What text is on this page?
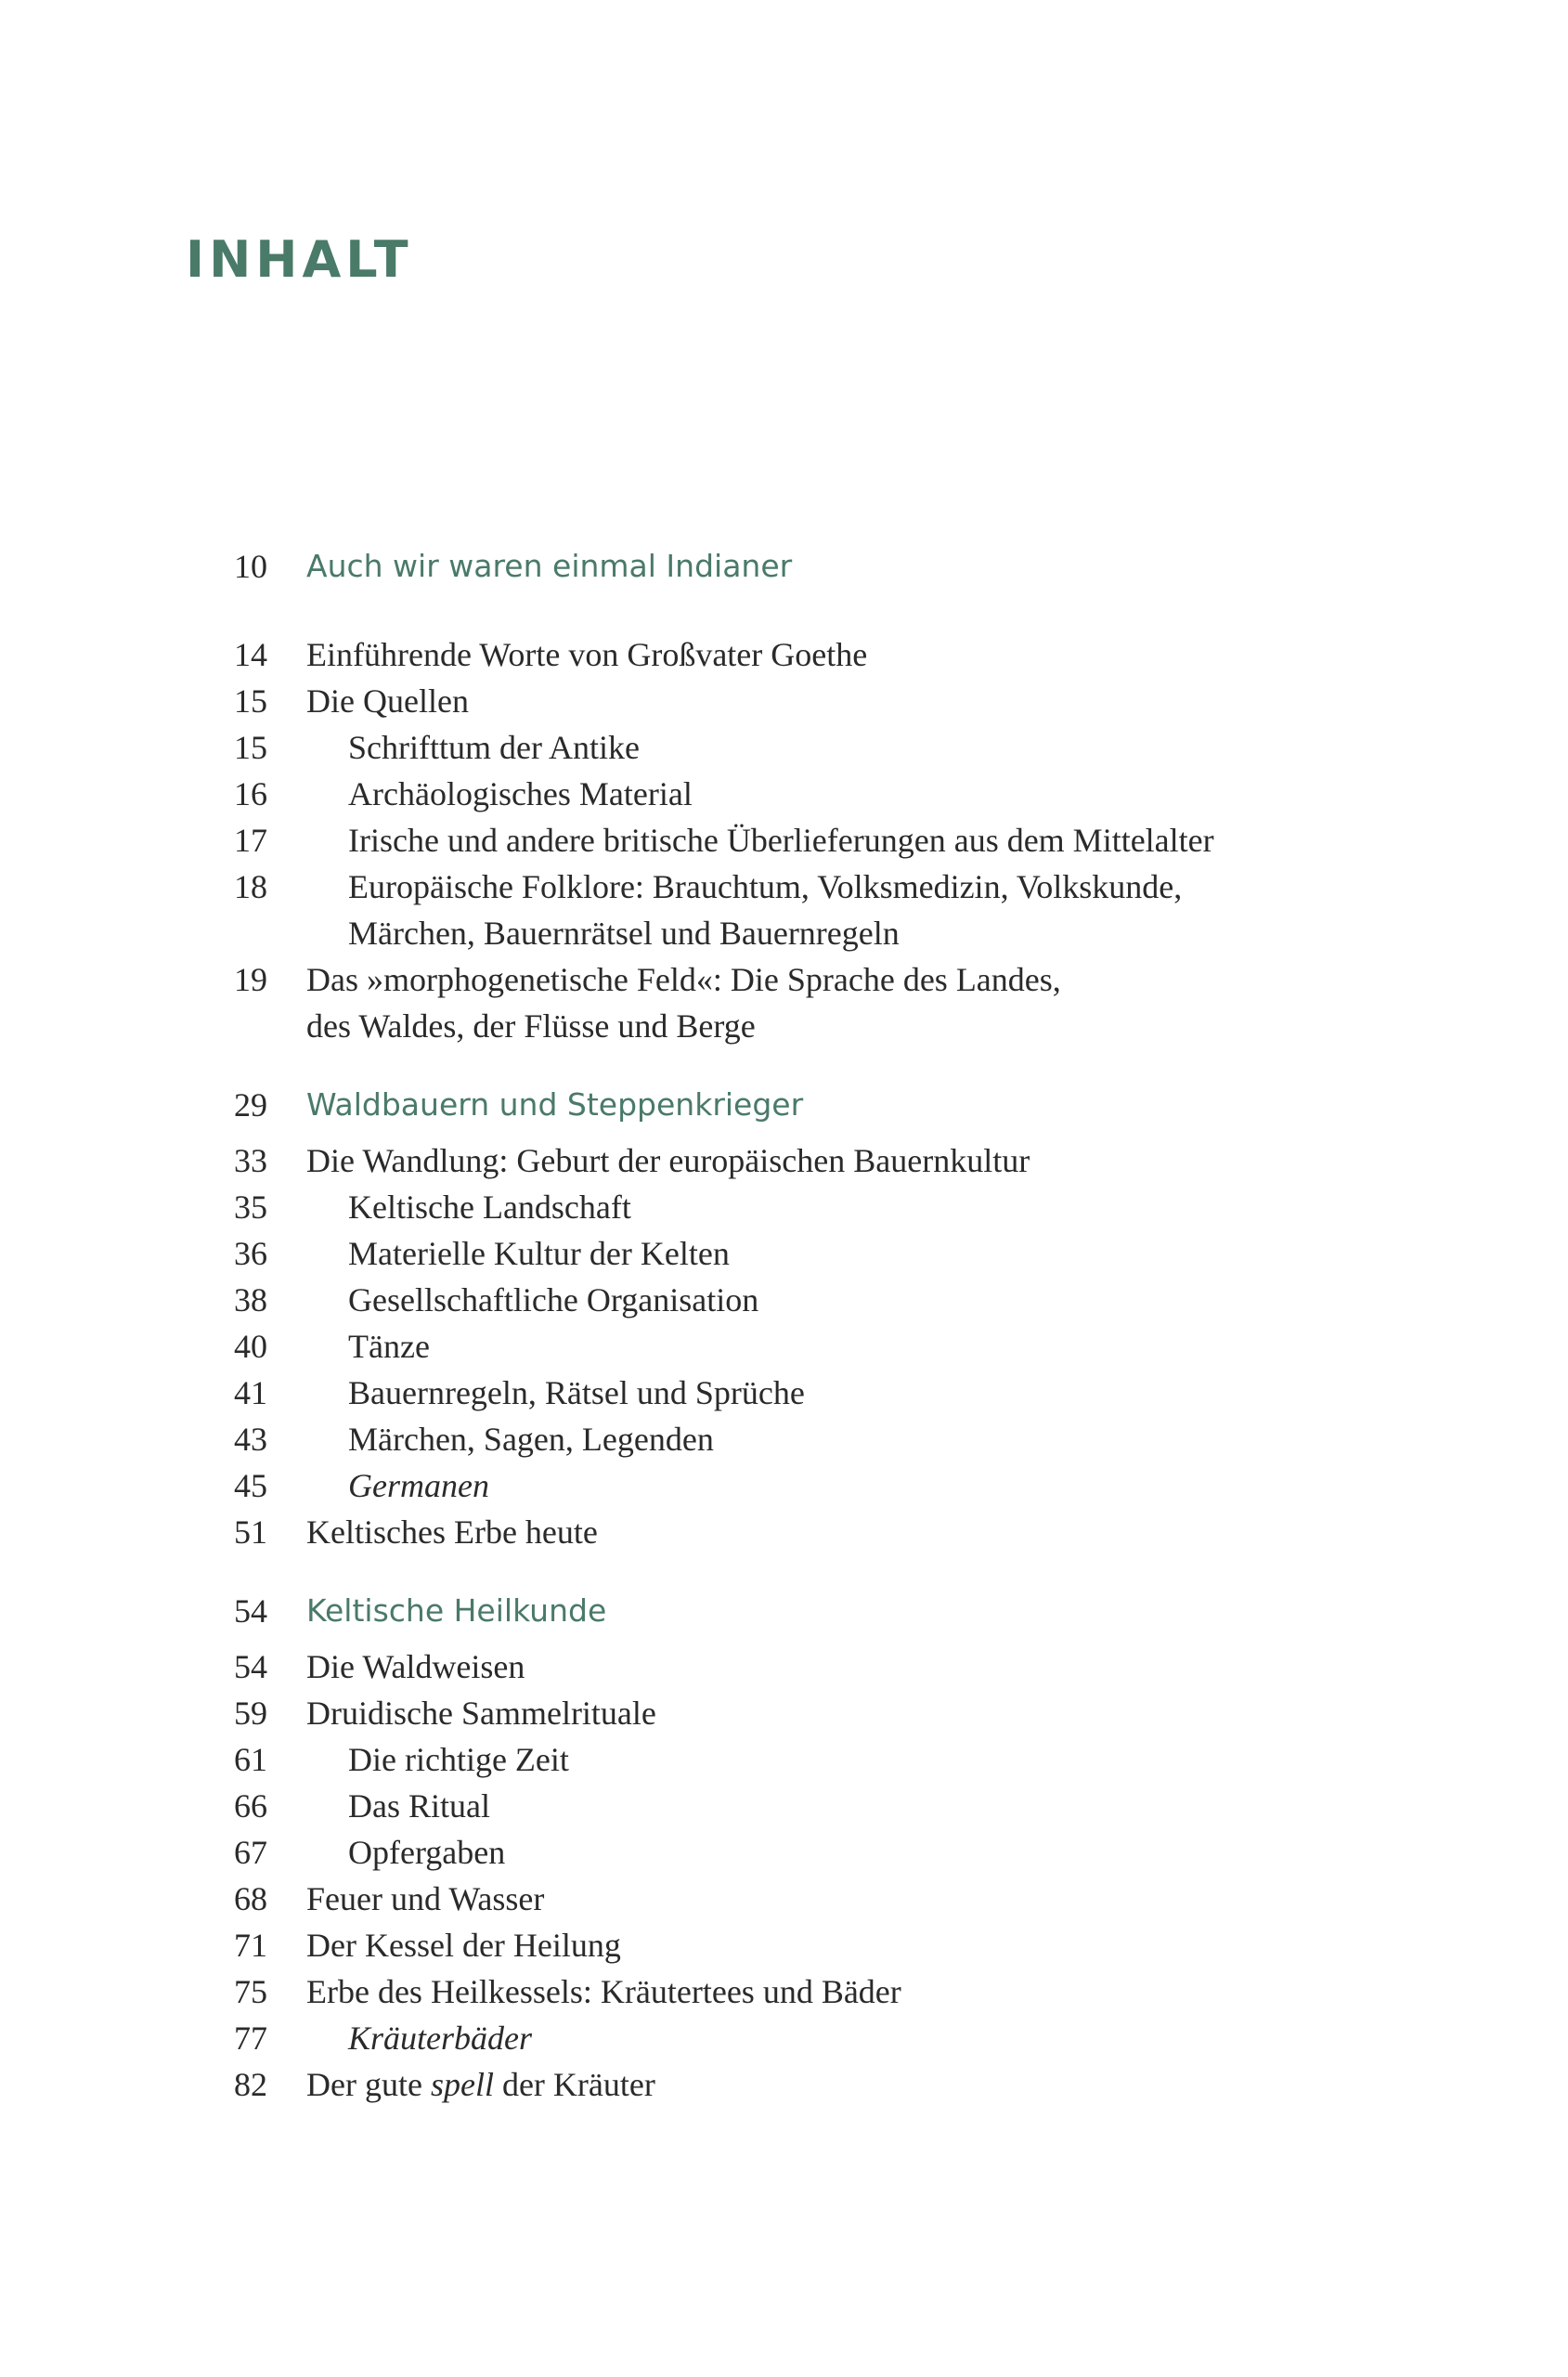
INHALT
10 Auch wir waren einmal Indianer
14 Einführende Worte von Großvater Goethe
15 Die Quellen
15 Schrifttum der Antike
16 Archäologisches Material
17 Irische und andere britische Überlieferungen aus dem Mittelalter
18 Europäische Folklore: Brauchtum, Volksmedizin, Volkskunde,
Märchen, Bauernrätsel und Bauernregeln
19 Das »morphogenetische Feld«: Die Sprache des Landes,
des Waldes, der Flüsse und Berge
29 Waldbauern und Steppenkrieger
33 Die Wandlung: Geburt der europäischen Bauernkultur
35 Keltische Landschaft
36 Materielle Kultur der Kelten
38 Gesellschaftliche Organisation
40 Tänze
41 Bauernregeln, Rätsel und Sprüche
43 Märchen, Sagen, Legenden
45 Germanen
51 Keltisches Erbe heute
54 Keltische Heilkunde
54 Die Waldweisen
59 Druidische Sammelrituale
61 Die richtige Zeit
66 Das Ritual
67 Opfergaben
68 Feuer und Wasser
71 Der Kessel der Heilung
75 Erbe des Heilkessels: Kräutertees und Bäder
77 Kräuterbäder
82 Der gute spell der Kräuter
